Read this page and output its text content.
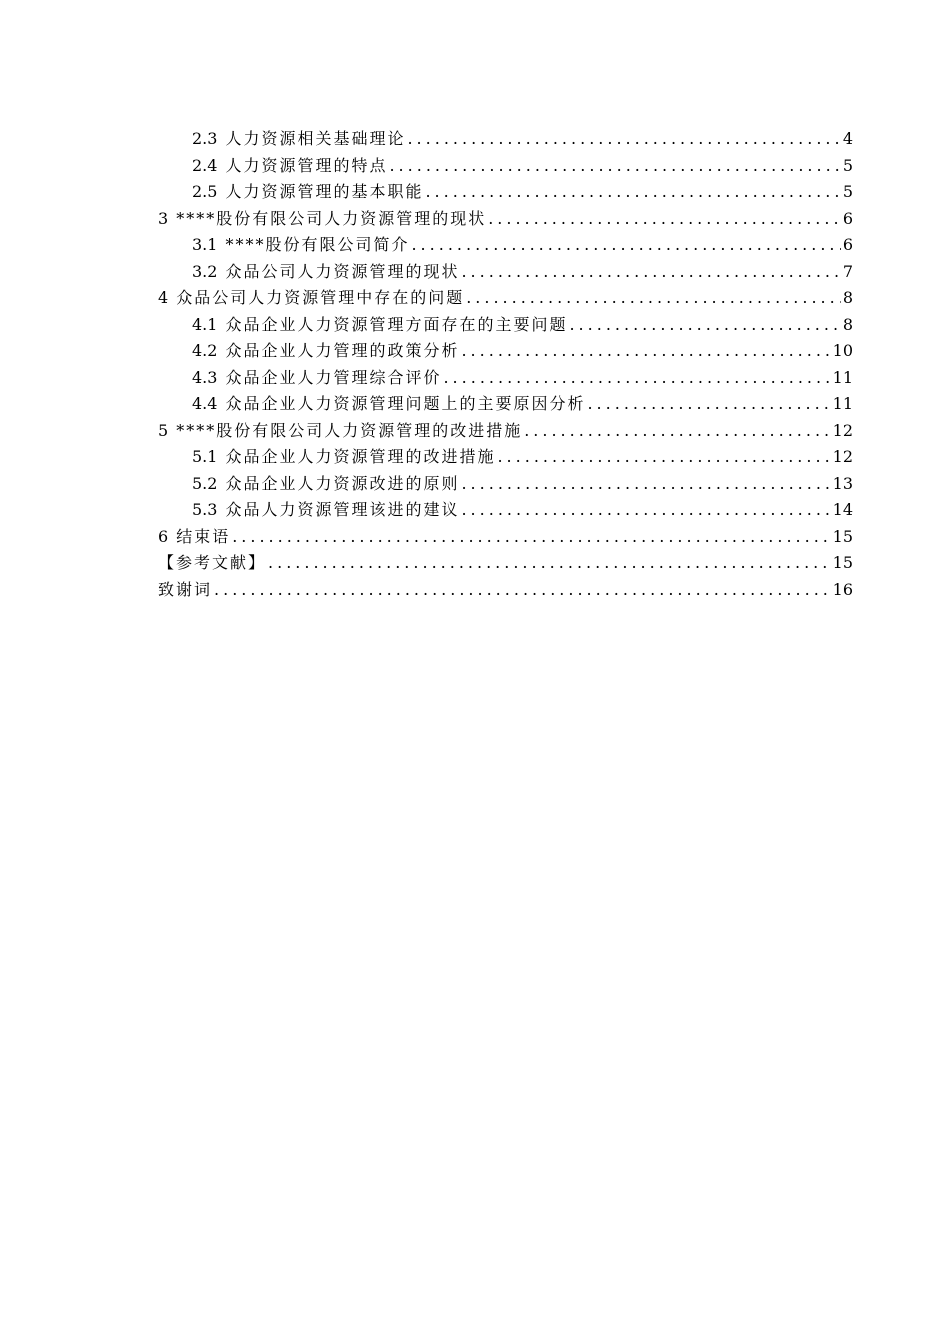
2.3 人力资源相关基础理论 .....	4
2.4 人力资源管理的特点 .....	5
2.5 人力资源管理的基本职能 .....	5
3 ****股份有限公司人力资源管理的现状 .....	6
3.1 ****股份有限公司简介 .....	6
3.2 众品公司人力资源管理的现状 .....	7
4 众品公司人力资源管理中存在的问题 .....	8
4.1 众品企业人力资源管理方面存在的主要问题 .....	8
4.2 众品企业人力管理的政策分析 .....	10
4.3 众品企业人力管理综合评价 .....	11
4.4 众品企业人力资源管理问题上的主要原因分析 .....	11
5 ****股份有限公司人力资源管理的改进措施 .....	12
5.1 众品企业人力资源管理的改进措施 .....	12
5.2 众品企业人力资源改进的原则 .....	13
5.3 众品人力资源管理该进的建议 .....	14
6 结束语 .....	15
【参考文献】 .....	15
致谢词 .....	16
